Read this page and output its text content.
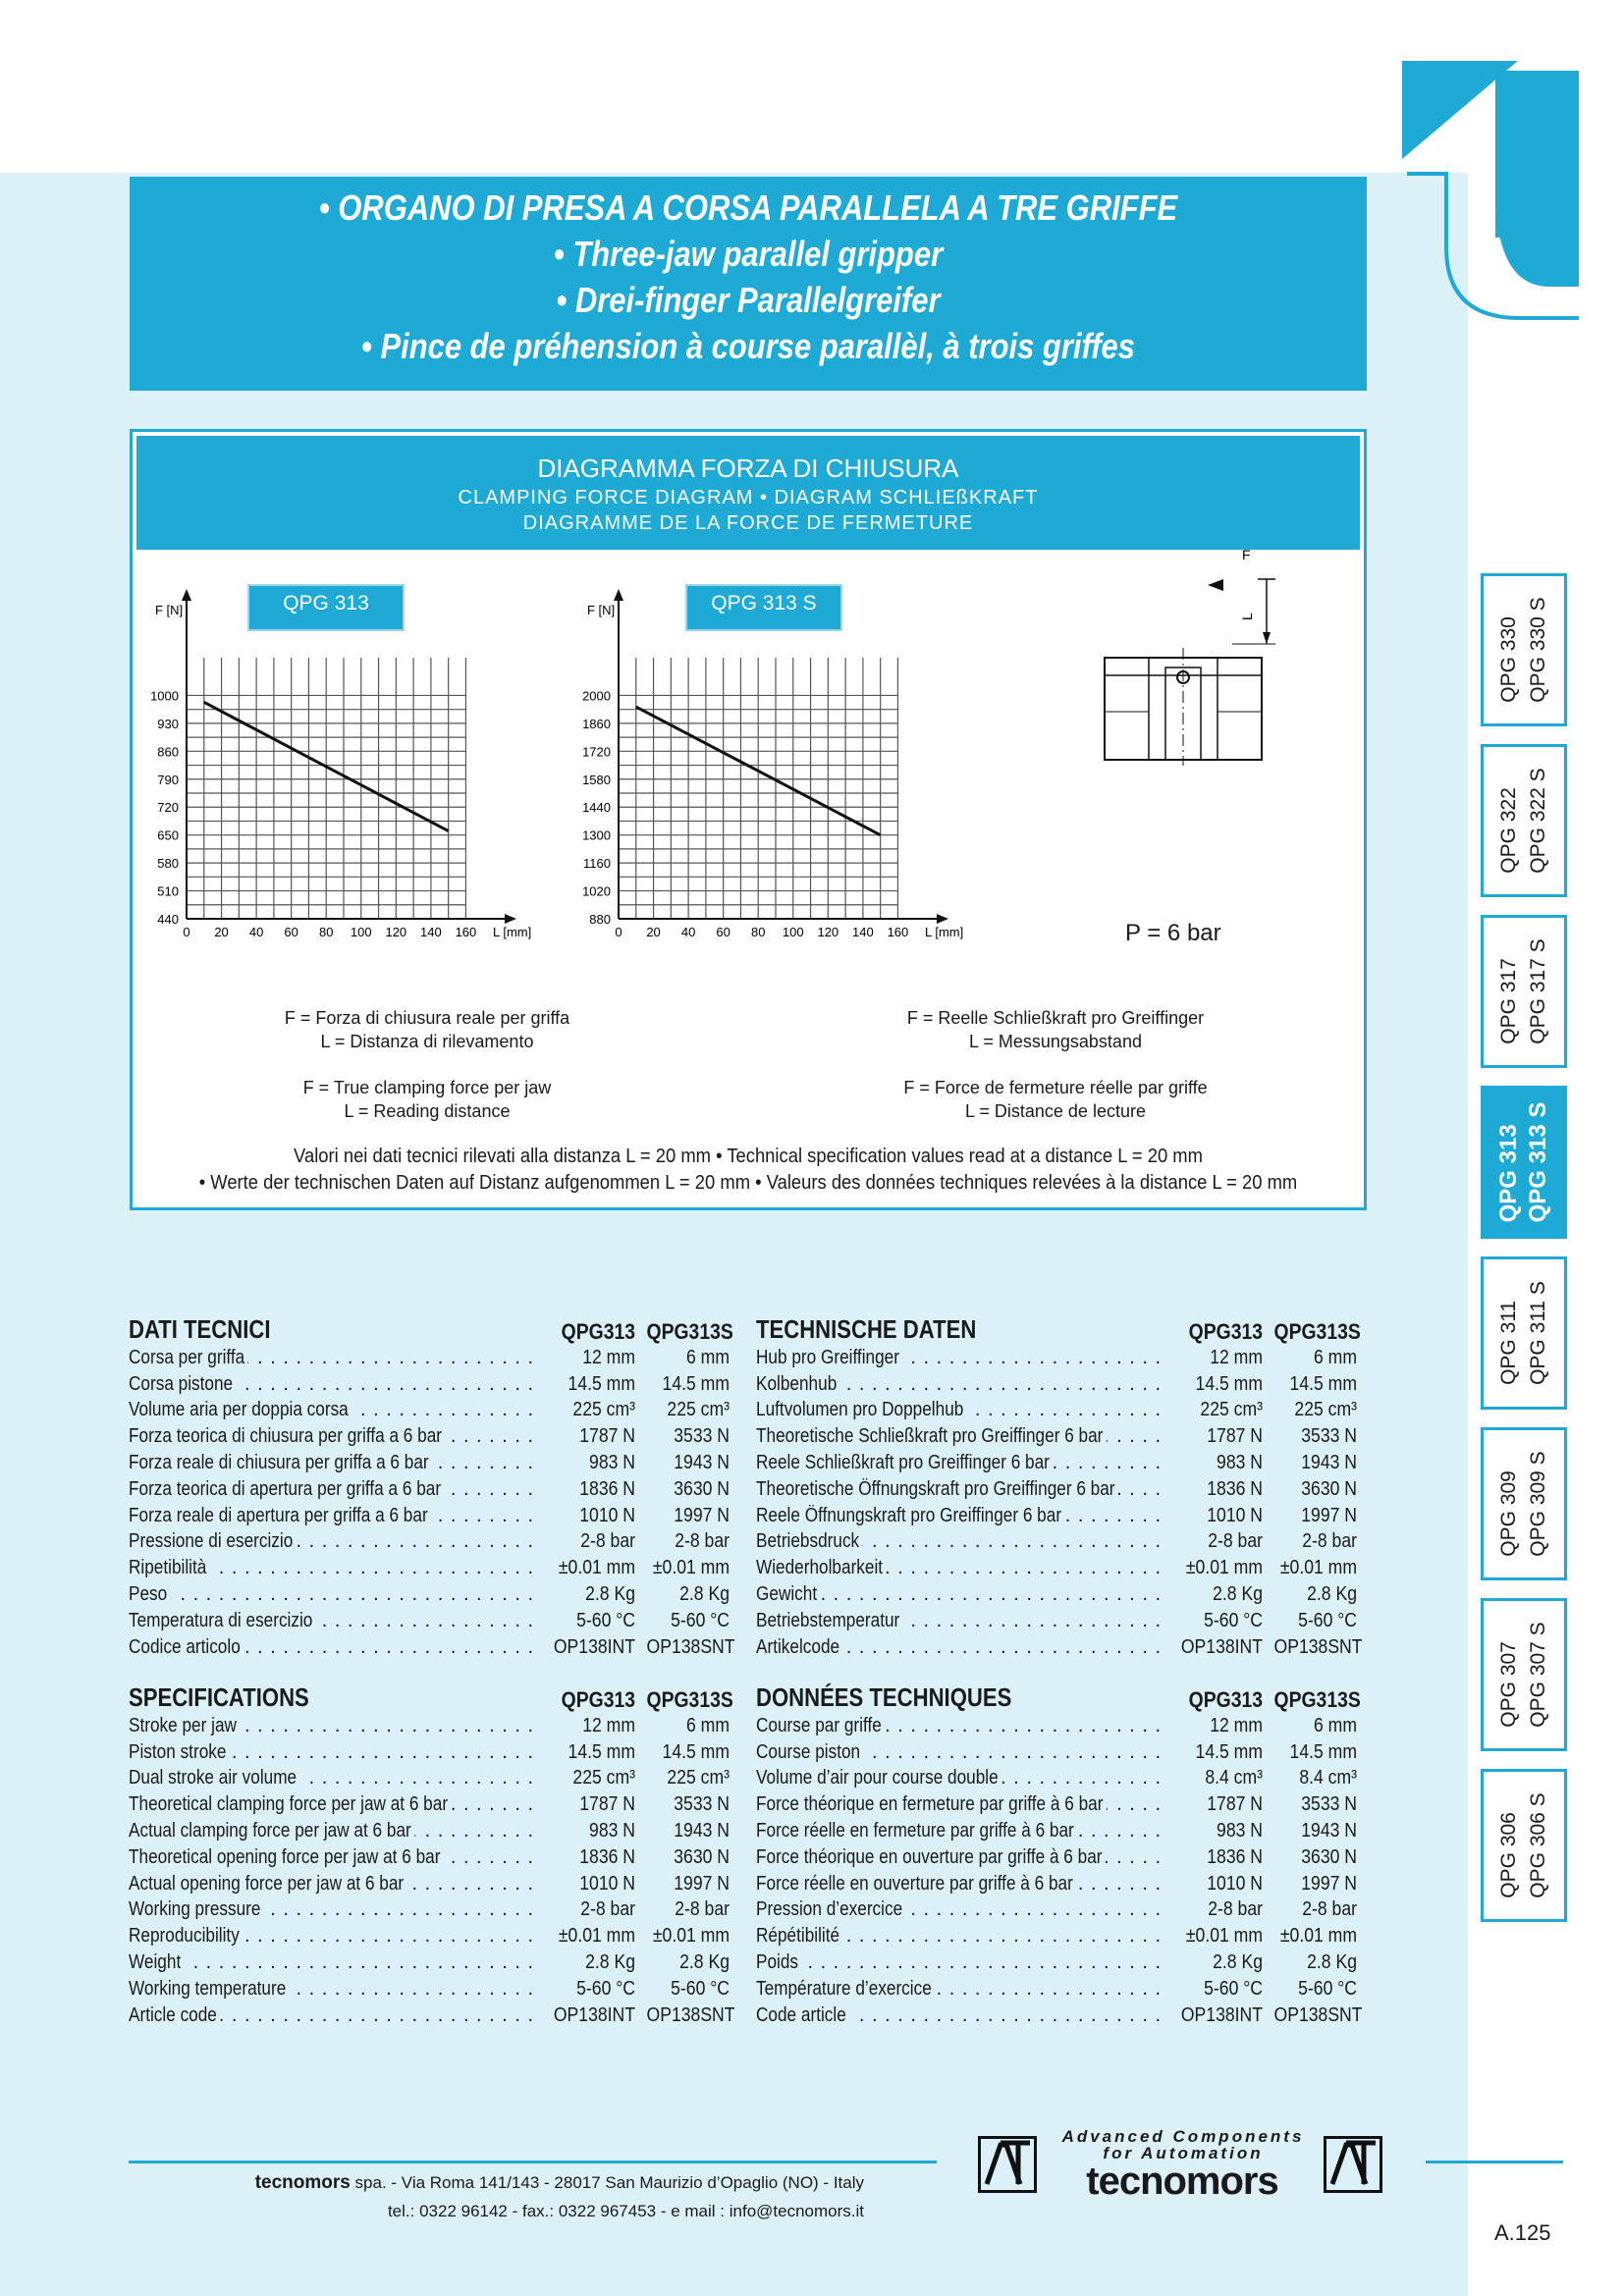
• ORGANO DI PRESA A CORSA PARALLELA A TRE GRIFFE
• Three-jaw parallel gripper
• Drei-finger Parallelgreifer
• Pince de préhension à course parallèl, à trois griffes
DIAGRAMMA FORZA DI CHIUSURA
CLAMPING FORCE DIAGRAM • DIAGRAM SCHLIEßKRAFT
DIAGRAMME DE LA FORCE DE FERMETURE
QPG 313	QPG 313 S
440
510
580
650
720
790
860
930
1000
0 20 40 60 80 100 120 140 160
F [N]
L [mm]
880
1020
1160
1300
1440
1580
1720
1860
2000
0 20 40 60 80 100 120 140 160
F [N]
L [mm]
F
L
P = 6 bar
F = Forza di chiusura reale per griffa
L = Distanza di rilevamento
F = Reelle Schließkraft pro Greiffinger
L = Messungsabstand
F = True clamping force per jaw
L = Reading distance
F = Force de fermeture réelle par griffe
L = Distance de lecture
Valori nei dati tecnici rilevati alla distanza L = 20 mm • Technical specification values read at a distance L = 20 mm
• Werte der technischen Daten auf Distanz aufgenommen L = 20 mm • Valeurs des données techniques relevées à la distance L = 20 mm
DATI TECNICI	QPG313 QPG313S
Corsa per griffa . . .	12 mm	6 mm
Corsa pistone . . .	14.5 mm	14.5 mm
Volume aria per doppia corsa . . .	225 cm³	225 cm³
Forza teorica di chiusura per griffa a 6 bar . . .	1787 N	3533 N
Forza reale di chiusura per griffa a 6 bar . . .	983 N	1943 N
Forza teorica di apertura per griffa a 6 bar . . .	1836 N	3630 N
Forza reale di apertura per griffa a 6 bar . . .	1010 N	1997 N
Pressione di esercizio . . .	2-8 bar	2-8 bar
Ripetibilità . . .	±0.01 mm ±0.01 mm
Peso . . .	2.8 Kg	2.8 Kg
Temperatura di esercizio . . .	5-60 °C	5-60 °C
Codice articolo . . .	OP138INT OP138SNT
TECHNISCHE DATEN	QPG313 QPG313S
Hub pro Greiffinger . . .	12 mm	6 mm
Kolbenhub . . .	14.5 mm	14.5 mm
Luftvolumen pro Doppelhub . . .	225 cm³	225 cm³
Theoretische Schließkraft pro Greiffinger 6 bar . . .	1787 N	3533 N
Reele Schließkraft pro Greiffinger 6 bar . . .	983 N	1943 N
Theoretische Öffnungskraft pro Greiffinger 6 bar . . .	1836 N	3630 N
Reele Öffnungskraft pro Greiffinger 6 bar . . .	1010 N	1997 N
Betriebsdruck . . .	2-8 bar	2-8 bar
Wiederholbarkeit . . .	±0.01 mm ±0.01 mm
Gewicht . . .	2.8 Kg	2.8 Kg
Betriebstemperatur . . .	5-60 °C	5-60 °C
Artikelcode . . .	OP138INT OP138SNT
SPECIFICATIONS	QPG313 QPG313S
Stroke per jaw . . .	12 mm	6 mm
Piston stroke . . .	14.5 mm	14.5 mm
Dual stroke air volume . . .	225 cm³	225 cm³
Theoretical clamping force per jaw at 6 bar . . .	1787 N	3533 N
Actual clamping force per jaw at 6 bar . . .	983 N	1943 N
Theoretical opening force per jaw at 6 bar . . .	1836 N	3630 N
Actual opening force per jaw at 6 bar . . .	1010 N	1997 N
Working pressure . . .	2-8 bar	2-8 bar
Reproducibility . . .	±0.01 mm ±0.01 mm
Weight . . .	2.8 Kg	2.8 Kg
Working temperature . . .	5-60 °C	5-60 °C
Article code . . .	OP138INT OP138SNT
DONNÉES TECHNIQUES	QPG313 QPG313S
Course par griffe . . .	12 mm	6 mm
Course piston . . .	14.5 mm	14.5 mm
Volume d’air pour course double . . .	8.4 cm³	8.4 cm³
Force théorique en fermeture par griffe à 6 bar . . .	1787 N	3533 N
Force réelle en fermeture par griffe à 6 bar . . .	983 N	1943 N
Force théorique en ouverture par griffe à 6 bar . . .	1836 N	3630 N
Force réelle en ouverture par griffe à 6 bar . . .	1010 N	1997 N
Pression d’exercice . . .	2-8 bar	2-8 bar
Répétibilité . . .	±0.01 mm ±0.01 mm
Poids . . .	2.8 Kg	2.8 Kg
Température d’exercice . . .	5-60 °C	5-60 °C
Code article . . .	OP138INT OP138SNT
QPG 330 QPG 330 S
QPG 322 QPG 322 S
QPG 317 QPG 317 S
QPG 313 QPG 313 S
QPG 311 QPG 311 S
QPG 309 QPG 309 S
QPG 307 QPG 307 S
QPG 306 QPG 306 S
tecnomors spa. - Via Roma 141/143 - 28017 San Maurizio d’Opaglio (NO) - Italy
tel.: 0322 96142 - fax.: 0322 967453 - e mail : info@tecnomors.it
Advanced Components
for Automation
tecnomors
A.125
